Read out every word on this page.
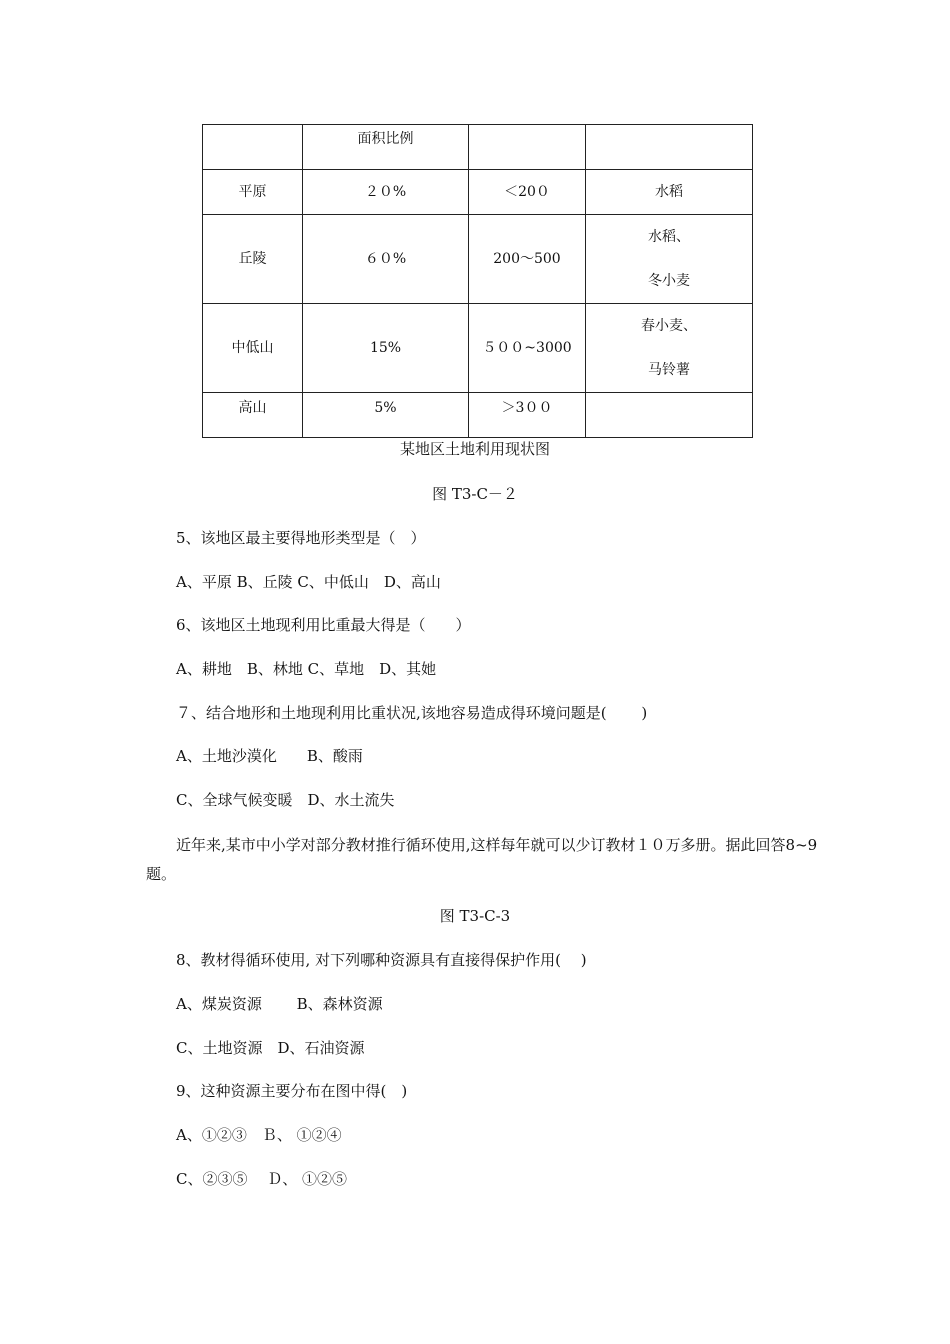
	面积比例		
平原	２０%	＜20０	水稻
丘陵	６０%	200～500	水稻、
冬小麦

中低山	15%	５００~3000	春小麦、
马铃薯

高山	5%	＞3００	
某地区土地利用现状图
图 T3-C－２
5、该地区最主要得地形类型是（　）
A、平原 B、丘陵 C、中低山　D、高山
6、该地区土地现利用比重最大得是（　　）
A、耕地　B、林地 C、草地　D、其她
７、结合地形和土地现利用比重状况,该地容易造成得环境问题是(　　 )
A、土地沙漠化　　B、酸雨
C、全球气候变暖　D、水土流失
近年来,某市中小学对部分教材推行循环使用,这样每年就可以少订教材１０万多册。据此回答8~9题。
图 T3-C-3
8、教材得循环使用, 对下列哪种资源具有直接得保护作用(　 )
A、煤炭资源　　 B、森林资源
C、土地资源　D、石油资源
9、这种资源主要分布在图中得(　)
A、①②③　Ｂ、 ①②④
C、②③⑤　 Ｄ、 ①②⑤
